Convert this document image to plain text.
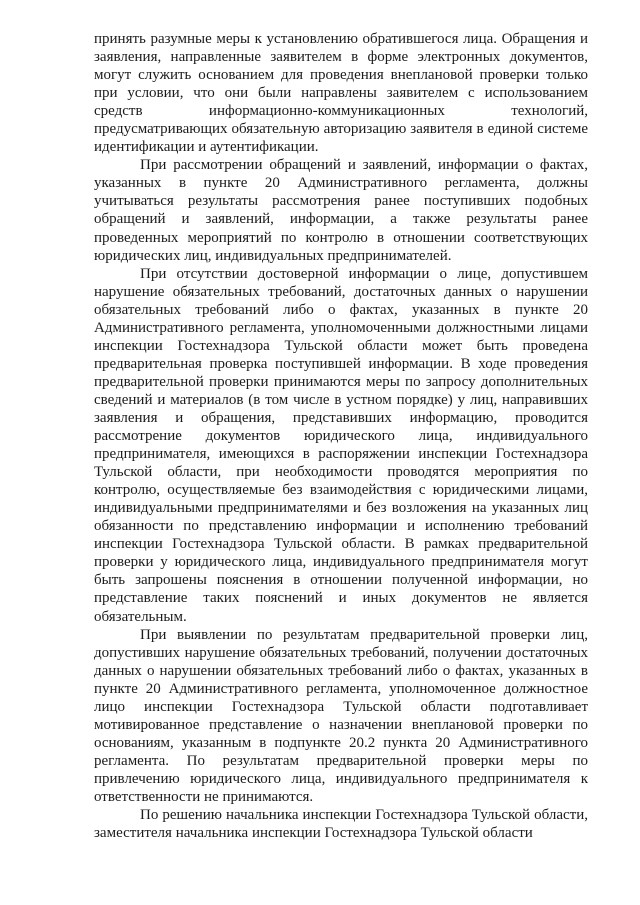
принять разумные меры к установлению обратившегося лица. Обращения и заявления, направленные заявителем в форме электронных документов, могут служить основанием для проведения внеплановой проверки только при условии, что они были направлены заявителем с использованием средств информационно-коммуникационных технологий, предусматривающих обязательную авторизацию заявителя в единой системе идентификации и аутентификации.

При рассмотрении обращений и заявлений, информации о фактах, указанных в пункте 20 Административного регламента, должны учитываться результаты рассмотрения ранее поступивших подобных обращений и заявлений, информации, а также результаты ранее проведенных мероприятий по контролю в отношении соответствующих юридических лиц, индивидуальных предпринимателей.

При отсутствии достоверной информации о лице, допустившем нарушение обязательных требований, достаточных данных о нарушении обязательных требований либо о фактах, указанных в пункте 20 Административного регламента, уполномоченными должностными лицами инспекции Гостехнадзора Тульской области может быть проведена предварительная проверка поступившей информации. В ходе проведения предварительной проверки принимаются меры по запросу дополнительных сведений и материалов (в том числе в устном порядке) у лиц, направивших заявления и обращения, представивших информацию, проводится рассмотрение документов юридического лица, индивидуального предпринимателя, имеющихся в распоряжении инспекции Гостехнадзора Тульской области, при необходимости проводятся мероприятия по контролю, осуществляемые без взаимодействия с юридическими лицами, индивидуальными предпринимателями и без возложения на указанных лиц обязанности по представлению информации и исполнению требований инспекции Гостехнадзора Тульской области. В рамках предварительной проверки у юридического лица, индивидуального предпринимателя могут быть запрошены пояснения в отношении полученной информации, но представление таких пояснений и иных документов не является обязательным.

При выявлении по результатам предварительной проверки лиц, допустивших нарушение обязательных требований, получении достаточных данных о нарушении обязательных требований либо о фактах, указанных в пункте 20 Административного регламента, уполномоченное должностное лицо инспекции Гостехнадзора Тульской области подготавливает мотивированное представление о назначении внеплановой проверки по основаниям, указанным в подпункте 20.2 пункта 20 Административного регламента. По результатам предварительной проверки меры по привлечению юридического лица, индивидуального предпринимателя к ответственности не принимаются.

По решению начальника инспекции Гостехнадзора Тульской области, заместителя начальника инспекции Гостехнадзора Тульской области
